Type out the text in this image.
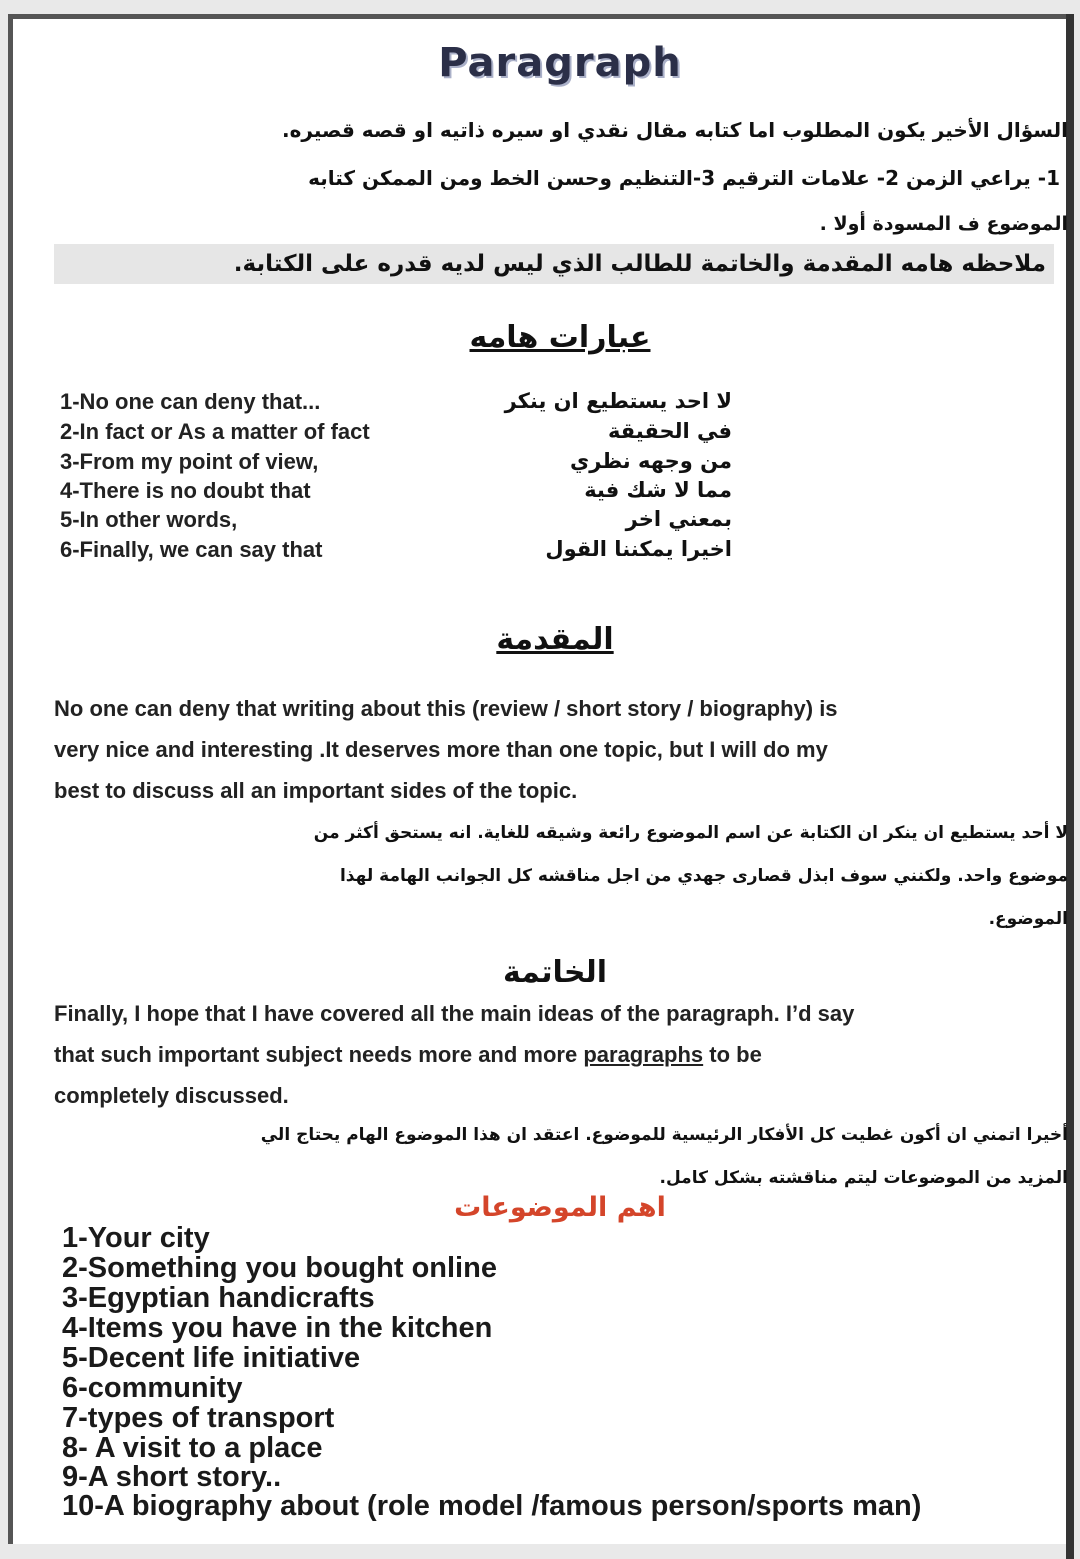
Paragraph
السؤال الأخير يكون المطلوب اما كتابه مقال نقدي او سيره ذاتيه او قصه قصيره.
1- يراعي الزمن 2- علامات الترقيم 3-التنظيم وحسن الخط ومن الممكن كتابه
الموضوع ف المسودة أولا .
ملاحظه هامه المقدمة والخاتمة للطالب الذي ليس لديه قدره على الكتابة.
عبارات هامه
1-No one can deny that...	لا احد يستطيع ان ينكر
2-In fact or As a matter of fact	في الحقيقة
3-From my point of view,	من وجهه نظري
4-There is no doubt that	مما لا شك فية
5-In other words,	بمعني اخر
6-Finally, we can say that	اخيرا يمكننا القول
المقدمة
No one can deny that writing about this (review / short story / biography) is
very nice and interesting .It deserves more than one topic, but I will do my
best to discuss all an important sides of the topic.
لا أحد يستطيع ان ينكر ان الكتابة عن اسم الموضوع رائعة وشيقه للغاية. انه يستحق أكثر من
موضوع واحد. ولكنني سوف ابذل قصارى جهدي من اجل مناقشه كل الجوانب الهامة لهذا
الموضوع.
الخاتمة
Finally, I hope that I have covered all the main ideas of the paragraph. I’d say
that such important subject needs more and more paragraphs to be
completely discussed.
أخيرا اتمني ان أكون غطيت كل الأفكار الرئيسية للموضوع. اعتقد ان هذا الموضوع الهام يحتاج الي
المزيد من الموضوعات ليتم مناقشته بشكل كامل.
اهم الموضوعات
1-Your city
2-Something you bought online
3-Egyptian handicrafts
4-Items you have in the kitchen
5-Decent life initiative
6-community
7-types of transport
8- A visit to a place
9-A short story..
10-A biography about (role model /famous person/sports man)
